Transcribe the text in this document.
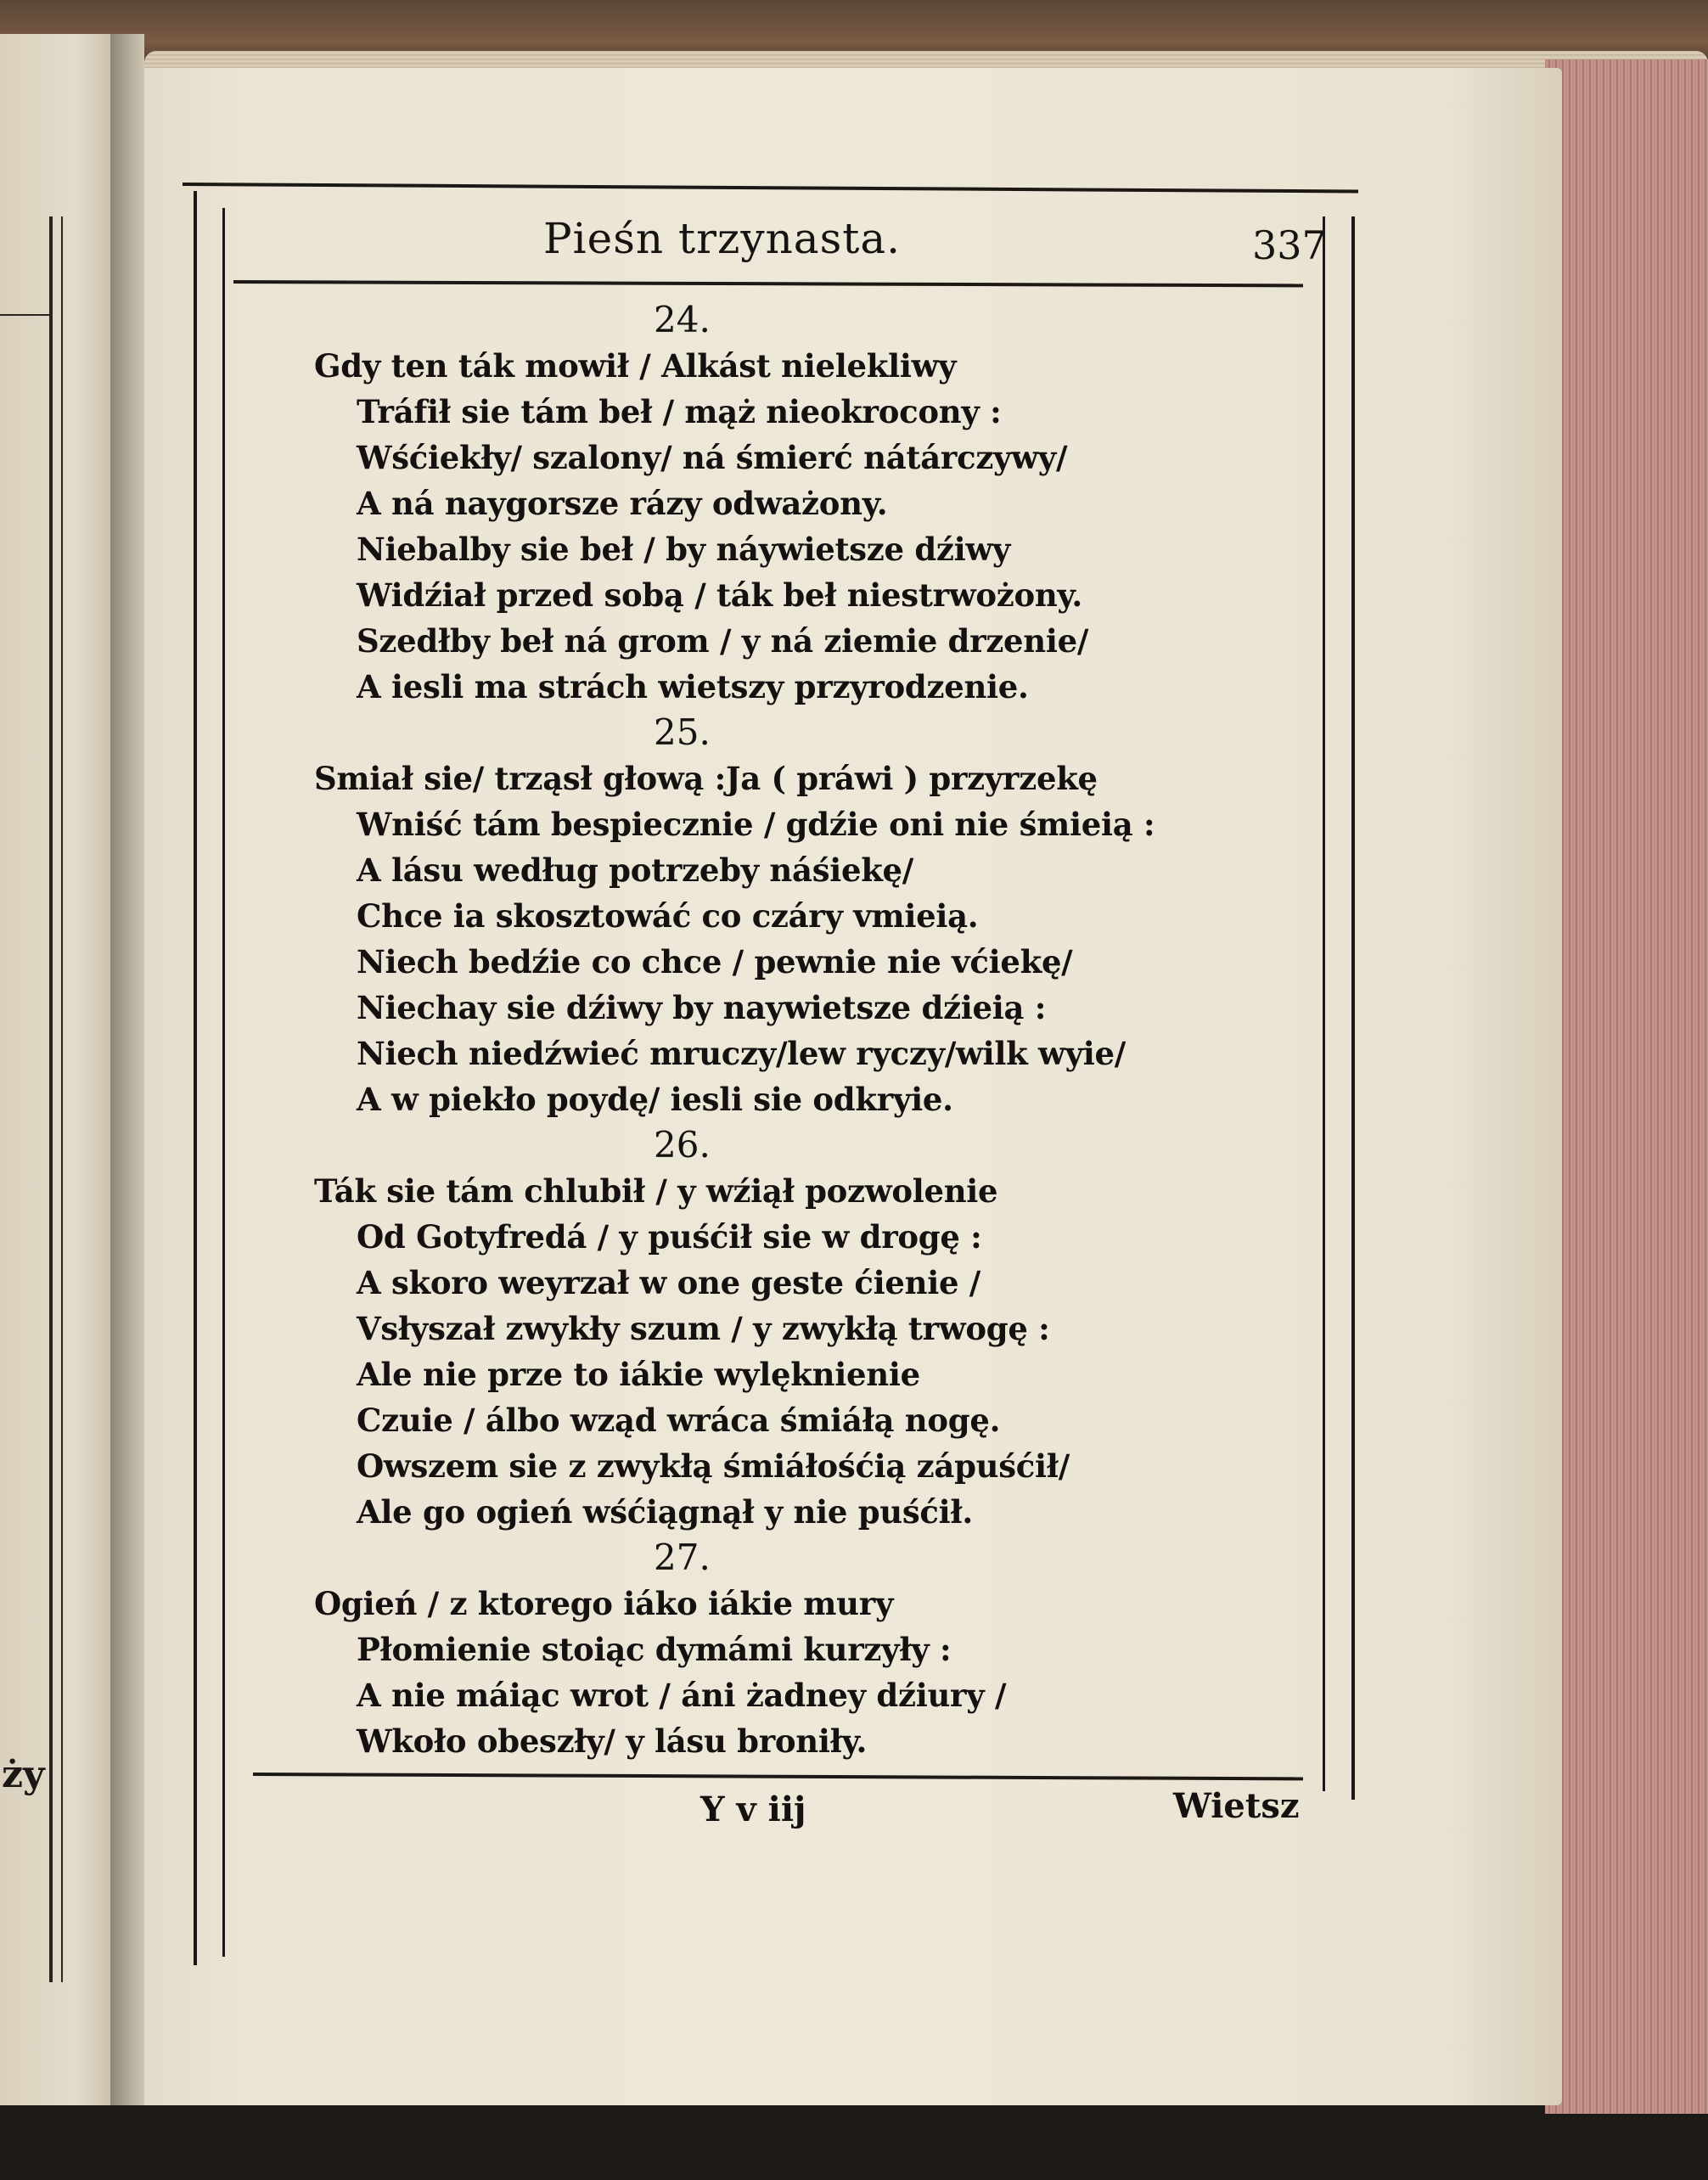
ży
Pieśn trzynasta.	337
24.
Gdy ten ták mowił / Alkást nielekliwy
Tráfił sie tám beł / mąż nieokrocony :
Wśćiekły/ szalony/ ná śmierć nátárczywy/
A ná naygorsze rázy odważony.
Niebalby sie beł / by náywietsze dźiwy
Widźiał przed sobą / ták beł niestrwożony.
Szedłby beł ná grom / y ná ziemie drzenie/
A iesli ma strách wietszy przyrodzenie.
25.
Smiał sie/ trząsł głową :Ja ( práwi ) przyrzekę
Wniść tám bespiecznie / gdźie oni nie śmieią :
A lásu według potrzeby náśiekę/
Chce ia skosztowáć co czáry vmieią.
Niech bedźie co chce / pewnie nie vćiekę/
Niechay sie dźiwy by naywietsze dźieią :
Niech niedźwieć mruczy/lew ryczy/wilk wyie/
A w piekło poydę/ iesli sie odkryie.
26.
Ták sie tám chlubił / y wźiął pozwolenie
Od Gotyfredá / y puśćił sie w drogę :
A skoro weyrzał w one geste ćienie /
Vsłyszał zwykły szum / y zwykłą trwogę :
Ale nie prze to iákie wylęknienie
Czuie / álbo wząd wráca śmiáłą nogę.
Owszem sie z zwykłą śmiáłośćią zápuśćił/
Ale go ogień wśćiągnął y nie puśćił.
27.
Ogień / z ktorego iáko iákie mury
Płomienie stoiąc dymámi kurzyły :
A nie máiąc wrot / áni żadney dźiury /
Wkoło obeszły/ y lásu broniły.
Y v iij	Wietsz
